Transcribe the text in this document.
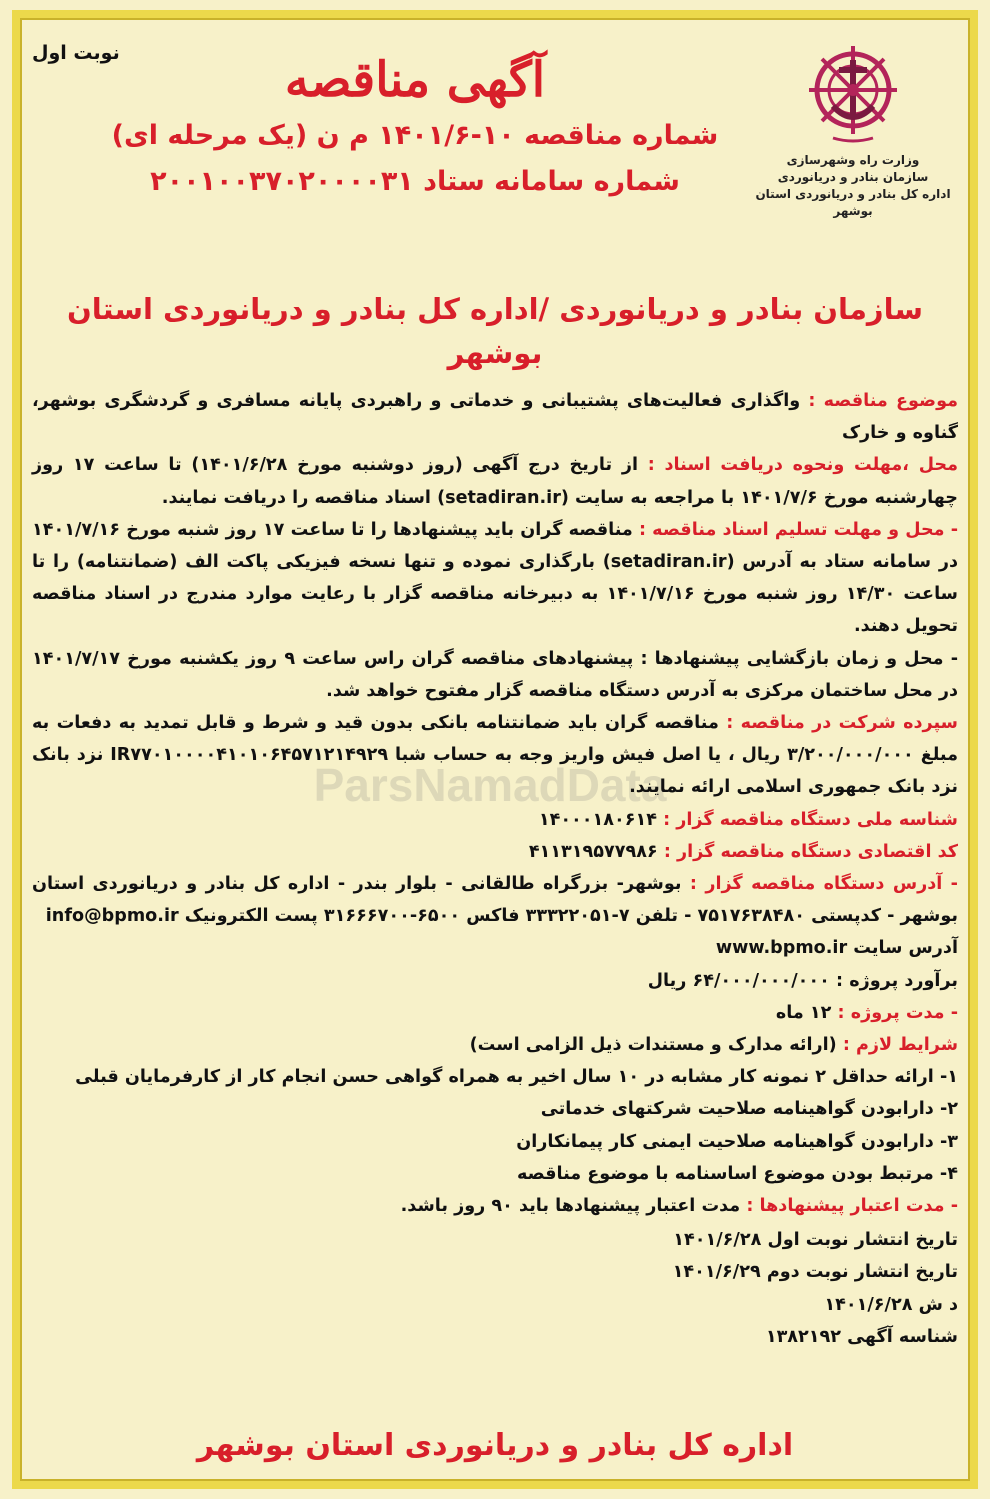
ParsNamadData
وزارت راه وشهرسازی
سازمان بنادر و دریانوردی
اداره کل بنادر و دریانوردی استان بوشهر
نوبت اول	آگهی مناقصه
شماره مناقصه ۱۰-۱۴۰۱/۶ م ن (یک مرحله ای)
شماره سامانه ستاد ۲۰۰۱۰۰۳۷۰۲۰۰۰۰۳۱
سازمان بنادر و دریانوردی /اداره کل بنادر و دریانوردی استان بوشهر

موضوع مناقصه : واگذاری فعالیت‌های پشتیبانی و خدماتی و راهبردی پایانه مسافری و گردشگری بوشهر، گناوه و خارک

محل ،مهلت ونحوه دریافت اسناد : از تاریخ درج آگهی (روز دوشنبه مورخ ۱۴۰۱/۶/۲۸) تا ساعت ۱۷ روز چهارشنبه مورخ ۱۴۰۱/۷/۶ با مراجعه به سایت (setadiran.ir) اسناد مناقصه را دریافت نمایند.

- محل و مهلت تسلیم اسناد مناقصه : مناقصه گران باید پیشنهادها را تا ساعت ۱۷ روز شنبه مورخ ۱۴۰۱/۷/۱۶ در سامانه ستاد به آدرس (setadiran.ir) بارگذاری نموده و تنها نسخه فیزیکی پاکت الف (ضمانتنامه) را تا ساعت ۱۴/۳۰ روز شنبه مورخ ۱۴۰۱/۷/۱۶ به دبیرخانه مناقصه گزار با رعایت موارد مندرج در اسناد مناقصه تحویل دهند.

- محل و زمان بازگشایی پیشنهادها : پیشنهادهای مناقصه گران راس ساعت ۹ روز یکشنبه مورخ ۱۴۰۱/۷/۱۷ در محل ساختمان مرکزی به آدرس دستگاه مناقصه گزار مفتوح خواهد شد.

سپرده شرکت در مناقصه : مناقصه گران باید ضمانتنامه بانکی بدون قید و شرط و قابل تمدید به دفعات به مبلغ ۳/۲۰۰/۰۰۰/۰۰۰ ریال ، یا اصل فیش واریز وجه به حساب شبا IR۷۷۰۱۰۰۰۰۴۱۰۱۰۶۴۵۷۱۲۱۴۹۲۹ نزد بانک نزد بانک جمهوری اسلامی ارائه نمایند.

شناسه ملی دستگاه مناقصه گزار : ۱۴۰۰۰۱۸۰۶۱۴

کد اقتصادی دستگاه مناقصه گزار : ۴۱۱۳۱۹۵۷۷۹۸۶

- آدرس دستگاه مناقصه گزار : بوشهر- بزرگراه طالقانی - بلوار بندر - اداره کل بنادر و دریانوردی استان بوشهر - کدپستی ۷۵۱۷۶۳۸۴۸۰ - تلفن ۷-۳۳۳۲۲۰۵۱ فاکس ۶۵۰۰-۳۱۶۶۶۷۰۰ پست الکترونیک info@bpmo.ir

آدرس سایت www.bpmo.ir

برآورد پروژه : ۶۴/۰۰۰/۰۰۰/۰۰۰ ریال

- مدت پروژه : ۱۲ ماه

شرایط لازم : (ارائه مدارک و مستندات ذیل الزامی است)

۱- ارائه حداقل ۲ نمونه کار مشابه در ۱۰ سال اخیر به همراه گواهی حسن انجام کار از کارفرمایان قبلی

۲- دارابودن گواهینامه صلاحیت شرکتهای خدماتی

۳- دارابودن گواهینامه صلاحیت ایمنی کار پیمانکاران

۴- مرتبط بودن موضوع اساسنامه با موضوع مناقصه

- مدت اعتبار پیشنهادها : مدت اعتبار پیشنهادها باید ۹۰ روز باشد.

تاریخ انتشار نوبت اول ۱۴۰۱/۶/۲۸

تاریخ انتشار نوبت دوم ۱۴۰۱/۶/۲۹

د ش ۱۴۰۱/۶/۲۸

شناسه آگهی ۱۳۸۲۱۹۲

اداره کل بنادر و دریانوردی استان بوشهر
